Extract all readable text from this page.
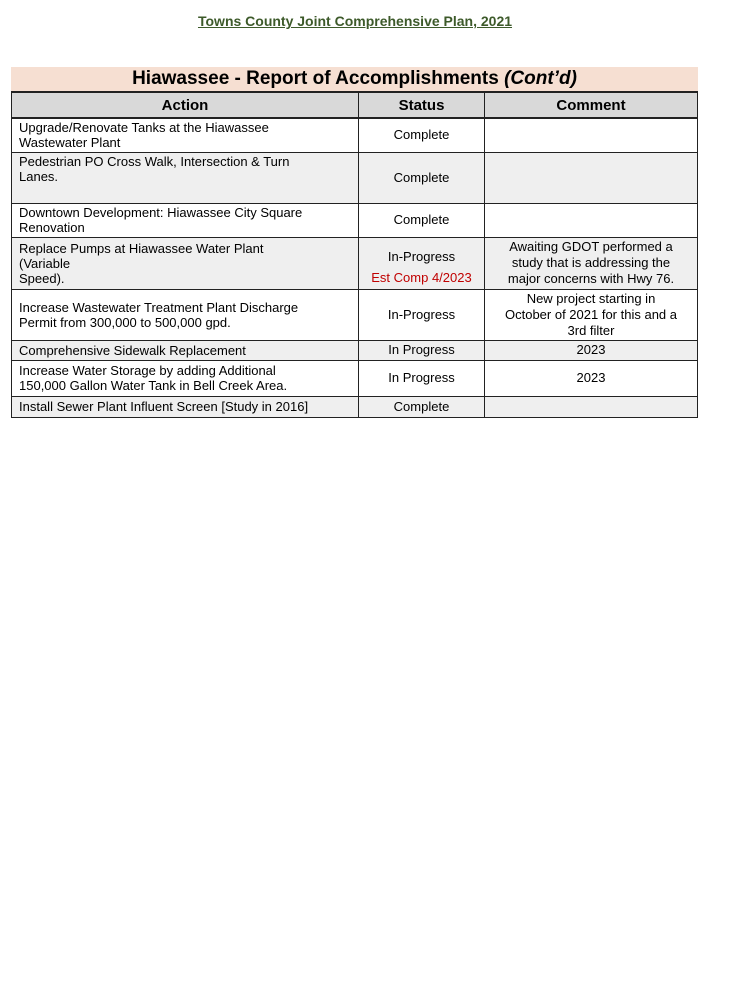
Towns County Joint Comprehensive Plan, 2021
Hiawassee - Report of Accomplishments (Cont’d)
Action	Status	Comment
Upgrade/Renovate Tanks at the Hiawassee
Wastewater Plant	Complete	
Pedestrian PO Cross Walk, Intersection & Turn
Lanes.	Complete	
Downtown Development: Hiawassee City Square
Renovation	Complete	
Replace Pumps at Hiawassee Water Plant
(Variable
Speed).	In-Progress
Est Comp 4/2023	Awaiting GDOT performed a
study that is addressing the
major concerns with Hwy 76.
Increase Wastewater Treatment Plant Discharge
Permit from 300,000 to 500,000 gpd.	In-Progress	New project starting in
October of 2021 for this and a
3rd filter
Comprehensive Sidewalk Replacement	In Progress	2023
Increase Water Storage by adding Additional
150,000 Gallon Water Tank in Bell Creek Area.	In Progress	2023
Install Sewer Plant Influent Screen [Study in 2016]	Complete	
